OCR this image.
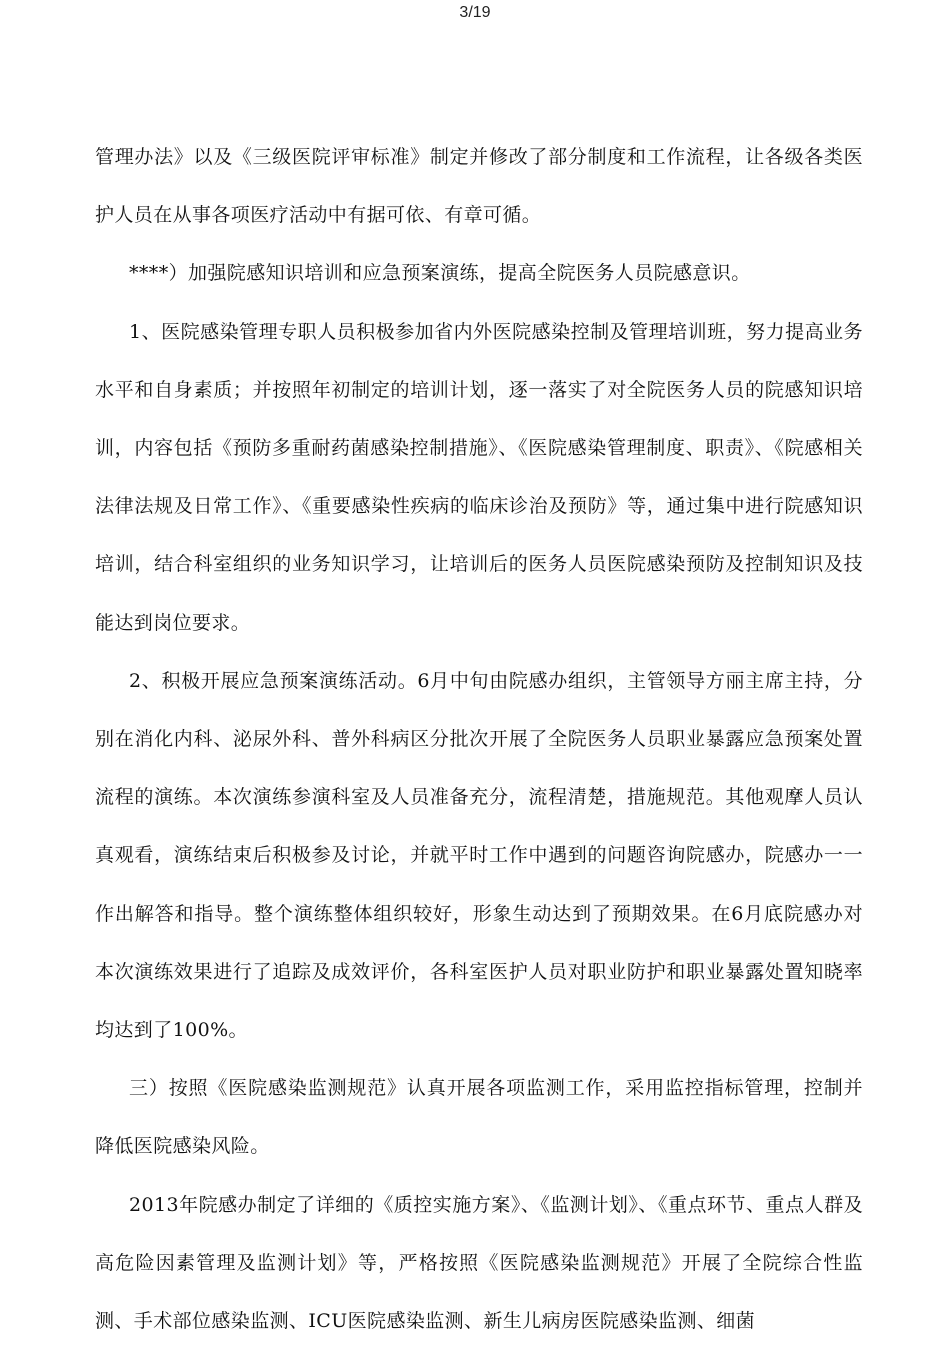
3/19

管理办法》以及《三级医院评审标准》制定并修改了部分制度和工作流程，让各级各类医护人员在从事各项医疗活动中有据可依、有章可循。

****）加强院感知识培训和应急预案演练，提高全院医务人员院感意识。

1、医院感染管理专职人员积极参加省内外医院感染控制及管理培训班，努力提高业务水平和自身素质；并按照年初制定的培训计划，逐一落实了对全院医务人员的院感知识培训，内容包括《预防多重耐药菌感染控制措施》、《医院感染管理制度、职责》、《院感相关法律法规及日常工作》、《重要感染性疾病的临床诊治及预防》等，通过集中进行院感知识培训，结合科室组织的业务知识学习，让培训后的医务人员医院感染预防及控制知识及技能达到岗位要求。

2、积极开展应急预案演练活动。6月中旬由院感办组织，主管领导方丽主席主持，分别在消化内科、泌尿外科、普外科病区分批次开展了全院医务人员职业暴露应急预案处置流程的演练。本次演练参演科室及人员准备充分，流程清楚，措施规范。其他观摩人员认真观看，演练结束后积极参及讨论，并就平时工作中遇到的问题咨询院感办，院感办一一作出解答和指导。整个演练整体组织较好，形象生动达到了预期效果。在6月底院感办对本次演练效果进行了追踪及成效评价，各科室医护人员对职业防护和职业暴露处置知晓率均达到了100%。

三）按照《医院感染监测规范》认真开展各项监测工作，采用监控指标管理，控制并降低医院感染风险。

2013年院感办制定了详细的《质控实施方案》、《监测计划》、《重点环节、重点人群及高危险因素管理及监测计划》等，严格按照《医院感染监测规范》开展了全院综合性监测、手术部位感染监测、ICU医院感染监测、新生儿病房医院感染监测、细菌
